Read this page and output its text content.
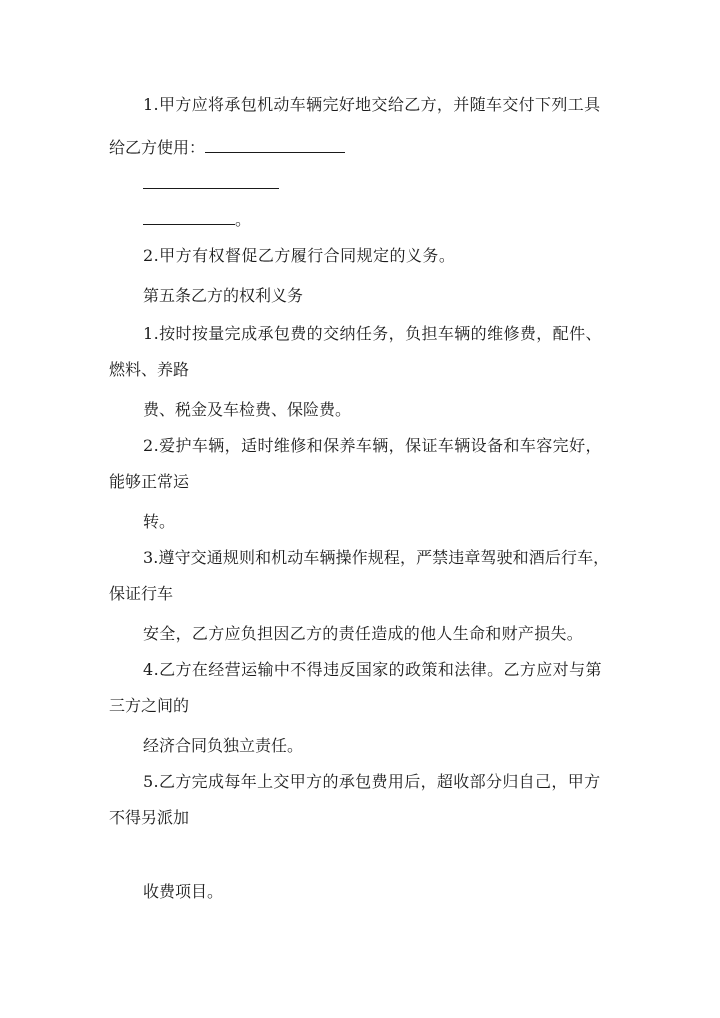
1.甲方应将承包机动车辆完好地交给乙方，并随车交付下列工具
给乙方使用：
。
2.甲方有权督促乙方履行合同规定的义务。
第五条乙方的权利义务
1.按时按量完成承包费的交纳任务，负担车辆的维修费，配件、
燃料、养路
费、税金及车检费、保险费。
2.爱护车辆，适时维修和保养车辆，保证车辆设备和车容完好，
能够正常运
转。
3.遵守交通规则和机动车辆操作规程，严禁违章驾驶和酒后行车，
保证行车
安全，乙方应负担因乙方的责任造成的他人生命和财产损失。
4.乙方在经营运输中不得违反国家的政策和法律。乙方应对与第
三方之间的
经济合同负独立责任。
5.乙方完成每年上交甲方的承包费用后，超收部分归自己，甲方
不得另派加
收费项目。
